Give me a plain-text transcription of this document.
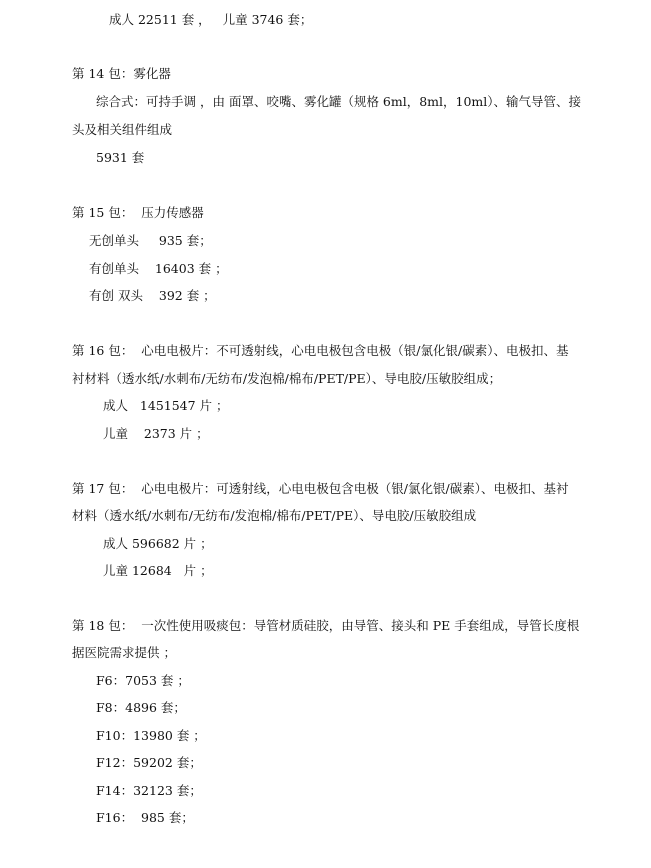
成人 22511 套 ，   儿童 3746 套；
第 14 包：雾化器
综合式：可持手调 ，由 面罩、咬嘴、雾化罐（规格 6ml，8ml，10ml）、输气导管、接
头及相关组件组成
5931 套
第 15 包：  压力传感器
无创单头     935 套；
有创单头    16403 套 ；
有创 双头    392 套 ；
第 16 包：  心电电极片：不可透射线，心电电极包含电极（银/氯化银/碳素）、电极扣、基
衬材料（透水纸/水刺布/无纺布/发泡棉/棉布/PET/PE）、导电胶/压敏胶组成；
成人   1451547 片 ；
儿童    2373 片 ；
第 17 包：  心电电极片：可透射线，心电电极包含电极（银/氯化银/碳素）、电极扣、基衬
材料（透水纸/水刺布/无纺布/发泡棉/棉布/PET/PE）、导电胶/压敏胶组成
成人 596682 片 ；
儿童 12684   片 ；
第 18 包：  一次性使用吸痰包：导管材质硅胶，由导管、接头和 PE 手套组成，导管长度根
据医院需求提供 ；
F6：7053 套 ；
F8：4896 套；
F10：13980 套 ；
F12：59202 套；
F14：32123 套；
F16：  985 套；
